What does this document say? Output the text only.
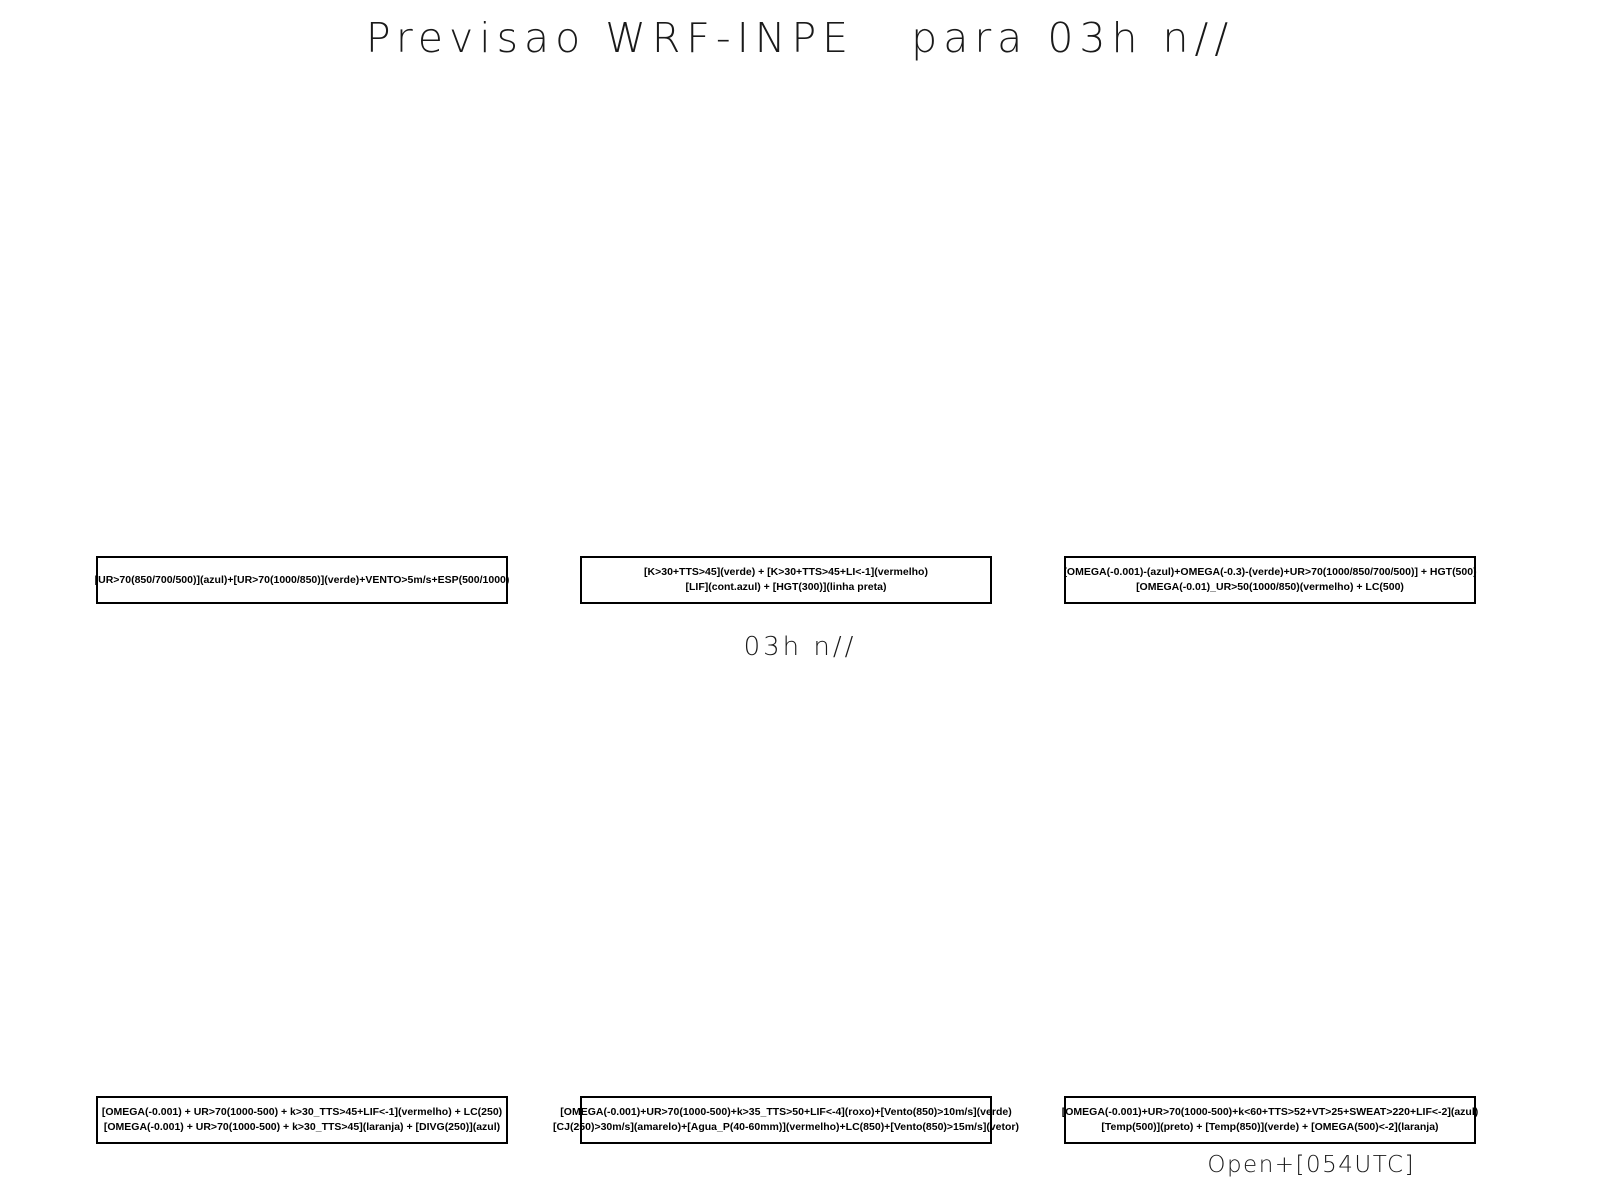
Previsao WRF-INPE   para 03h n//
[UR>70(850/700/500)](azul)+[UR>70(1000/850)](verde)+VENTO>5m/s+ESP(500/1000)
[K>30+TTS>45](verde) + [K>30+TTS>45+LI<-1](vermelho)
[LIF](cont.azul) + [HGT(300)](linha preta)
[OMEGA(-0.001)-(azul)+OMEGA(-0.3)-(verde)+UR>70(1000/850/700/500)] + HGT(500)
[OMEGA(-0.01)_UR>50(1000/850)(vermelho) + LC(500)
03h n//
[OMEGA(-0.001) + UR>70(1000-500) + k>30_TTS>45+LIF<-1](vermelho) + LC(250)
[OMEGA(-0.001) + UR>70(1000-500) + k>30_TTS>45](laranja) + [DIVG(250)](azul)
[OMEGA(-0.001)+UR>70(1000-500)+k>35_TTS>50+LIF<-4](roxo)+[Vento(850)>10m/s](verde)
[CJ(250)>30m/s](amarelo)+[Agua_P(40-60mm)](vermelho)+LC(850)+[Vento(850)>15m/s](vetor)
[OMEGA(-0.001)+UR>70(1000-500)+k<60+TTS>52+VT>25+SWEAT>220+LIF<-2](azul)
[Temp(500)](preto) + [Temp(850)](verde) + [OMEGA(500)<-2](laranja)
Open+[054UTC]
